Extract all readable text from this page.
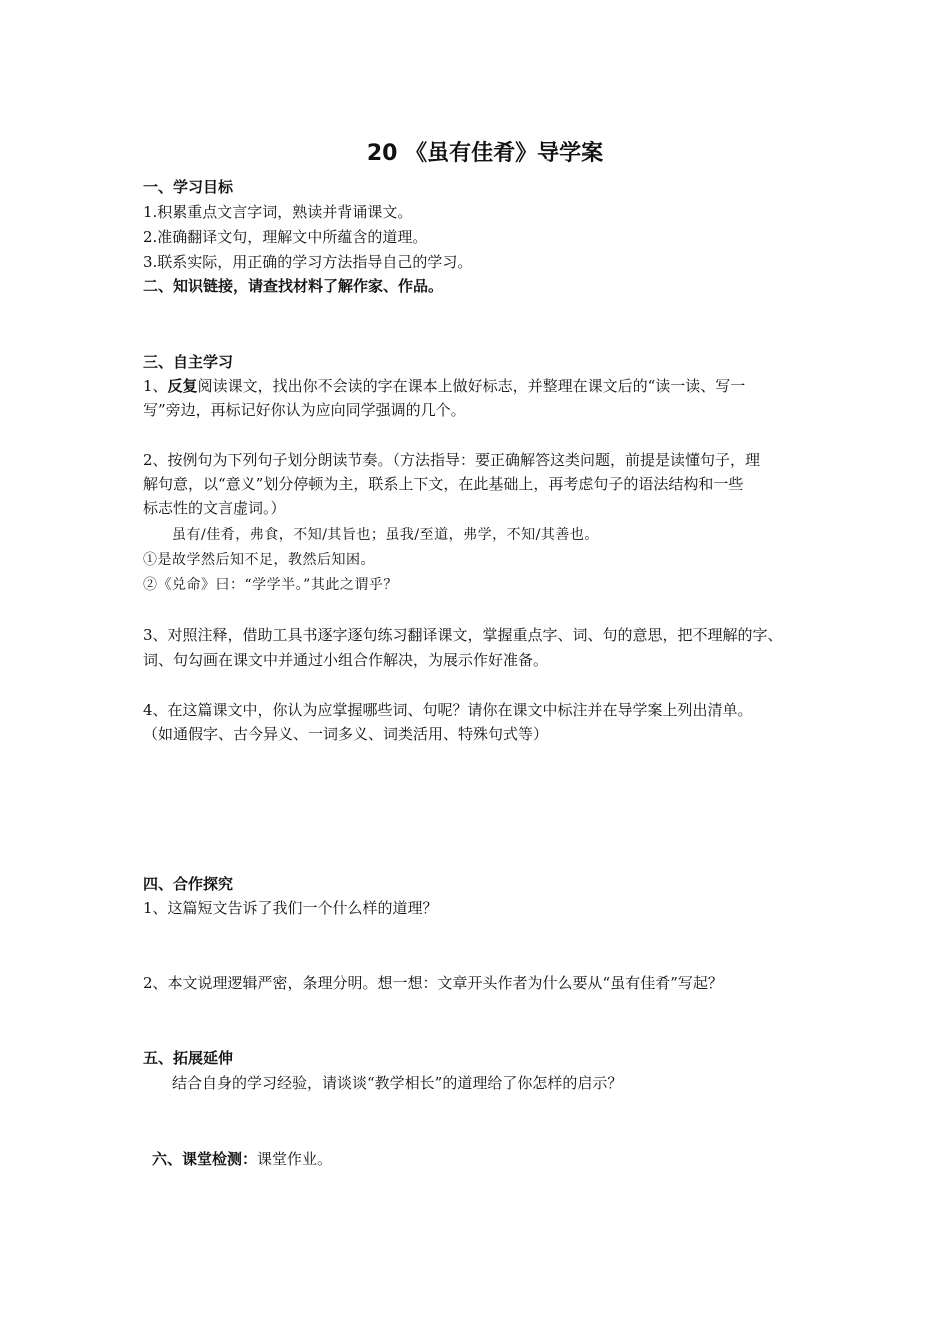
20 《虽有佳肴》导学案
一、学习目标
1.积累重点文言字词，熟读并背诵课文。
2.准确翻译文句，理解文中所蕴含的道理。
3.联系实际，用正确的学习方法指导自己的学习。
二、知识链接，请查找材料了解作家、作品。
三、自主学习
1、反复阅读课文，找出你不会读的字在课本上做好标志，并整理在课文后的“读一读、写一
写”旁边，再标记好你认为应向同学强调的几个。
2、按例句为下列句子划分朗读节奏。（方法指导：要正确解答这类问题，前提是读懂句子，理
解句意，以“意义”划分停顿为主，联系上下文，在此基础上，再考虑句子的语法结构和一些
标志性的文言虚词。）
虽有/佳肴，弗食，不知/其旨也；虽我/至道，弗学，不知/其善也。
①是故学然后知不足，教然后知困。
②《兑命》曰：“学学半。”其此之谓乎？
3、对照注释，借助工具书逐字逐句练习翻译课文，掌握重点字、词、句的意思，把不理解的字、
词、句勾画在课文中并通过小组合作解决，为展示作好准备。
4、在这篇课文中，你认为应掌握哪些词、句呢？请你在课文中标注并在导学案上列出清单。
（如通假字、古今异义、一词多义、词类活用、特殊句式等）
四、合作探究
1、这篇短文告诉了我们一个什么样的道理？
2、本文说理逻辑严密，条理分明。想一想：文章开头作者为什么要从“虽有佳肴”写起？
五、拓展延伸
结合自身的学习经验，请谈谈“教学相长”的道理给了你怎样的启示？
六、课堂检测：课堂作业。
